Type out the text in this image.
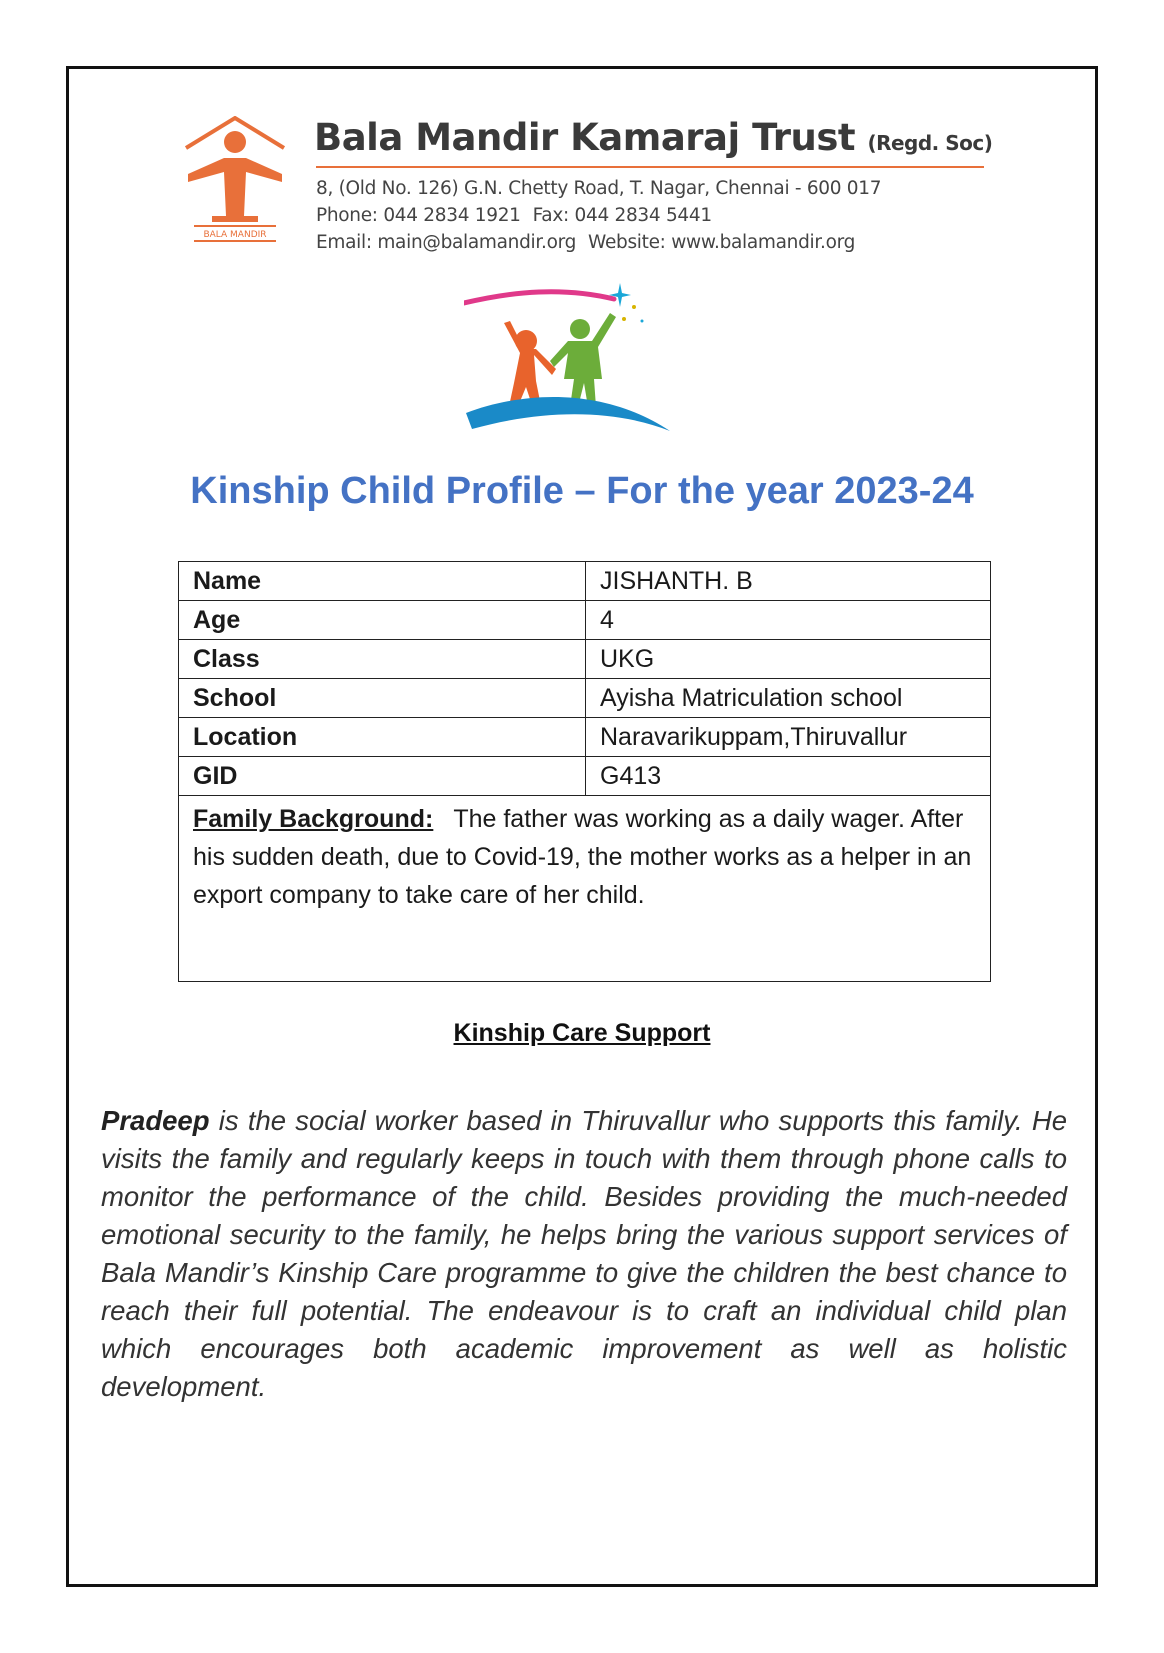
BALA MANDIR
Bala Mandir Kamaraj Trust (Regd. Soc)
8, (Old No. 126) G.N. Chetty Road, T. Nagar, Chennai - 600 017
Phone: 044 2834 1921 Fax: 044 2834 5441
Email: main@balamandir.org Website: www.balamandir.org
Kinship Child Profile – For the year 2023-24
Name	JISHANTH. B
Age	4
Class	UKG
School	Ayisha Matriculation school
Location	Naravarikuppam,Thiruvallur
GID	G413
Family Background: The father was working as a daily wager. After his sudden death, due to Covid-19, the mother works as a helper in an export company to take care of her child.	
Kinship Care Support

Pradeep is the social worker based in Thiruvallur who supports this family. He visits the family and regularly keeps in touch with them through phone calls to monitor the performance of the child. Besides providing the much-needed emotional security to the family, he helps bring the various support services of Bala Mandir’s Kinship Care programme to give the children the best chance to reach their full potential. The endeavour is to craft an individual child plan which encourages both academic improvement as well as holistic development.
